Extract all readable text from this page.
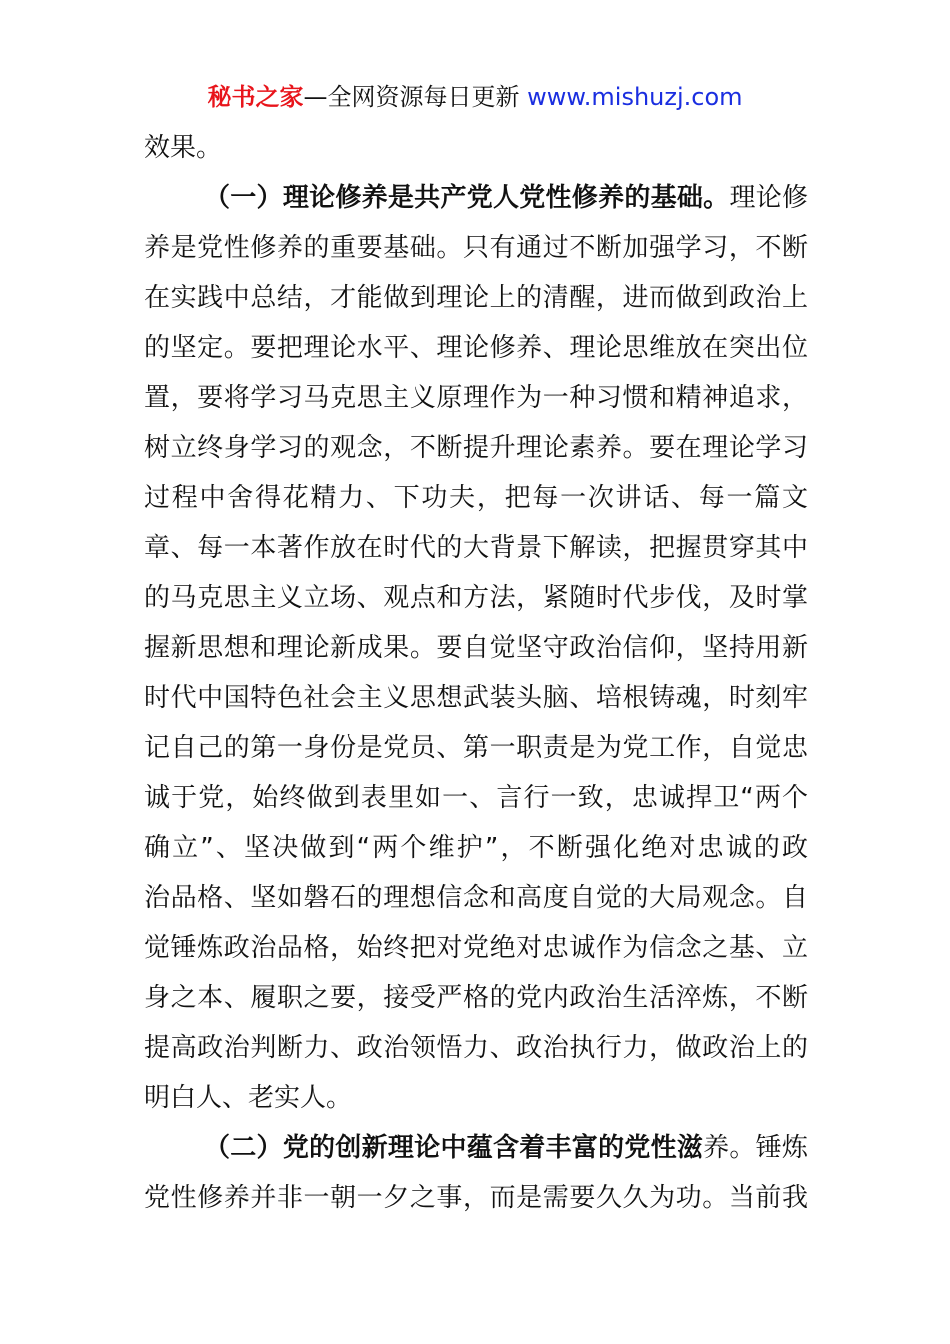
秘书之家—全网资源每日更新 www.mishuzj.com
效果。
（一）理论修养是共产党人党性修养的基础。理论修
养是党性修养的重要基础。只有通过不断加强学习，不断
在实践中总结，才能做到理论上的清醒，进而做到政治上
的坚定。要把理论水平、理论修养、理论思维放在突出位
置，要将学习马克思主义原理作为一种习惯和精神追求，
树立终身学习的观念，不断提升理论素养。要在理论学习
过程中舍得花精力、下功夫，把每一次讲话、每一篇文
章、每一本著作放在时代的大背景下解读，把握贯穿其中
的马克思主义立场、观点和方法，紧随时代步伐，及时掌
握新思想和理论新成果。要自觉坚守政治信仰，坚持用新
时代中国特色社会主义思想武装头脑、培根铸魂，时刻牢
记自己的第一身份是党员、第一职责是为党工作，自觉忠
诚于党，始终做到表里如一、言行一致，忠诚捍卫“两个
确立”、坚决做到“两个维护”，不断强化绝对忠诚的政
治品格、坚如磐石的理想信念和高度自觉的大局观念。自
觉锤炼政治品格，始终把对党绝对忠诚作为信念之基、立
身之本、履职之要，接受严格的党内政治生活淬炼，不断
提高政治判断力、政治领悟力、政治执行力，做政治上的
明白人、老实人。
（二）党的创新理论中蕴含着丰富的党性滋养。锤炼
党性修养并非一朝一夕之事，而是需要久久为功。当前我
